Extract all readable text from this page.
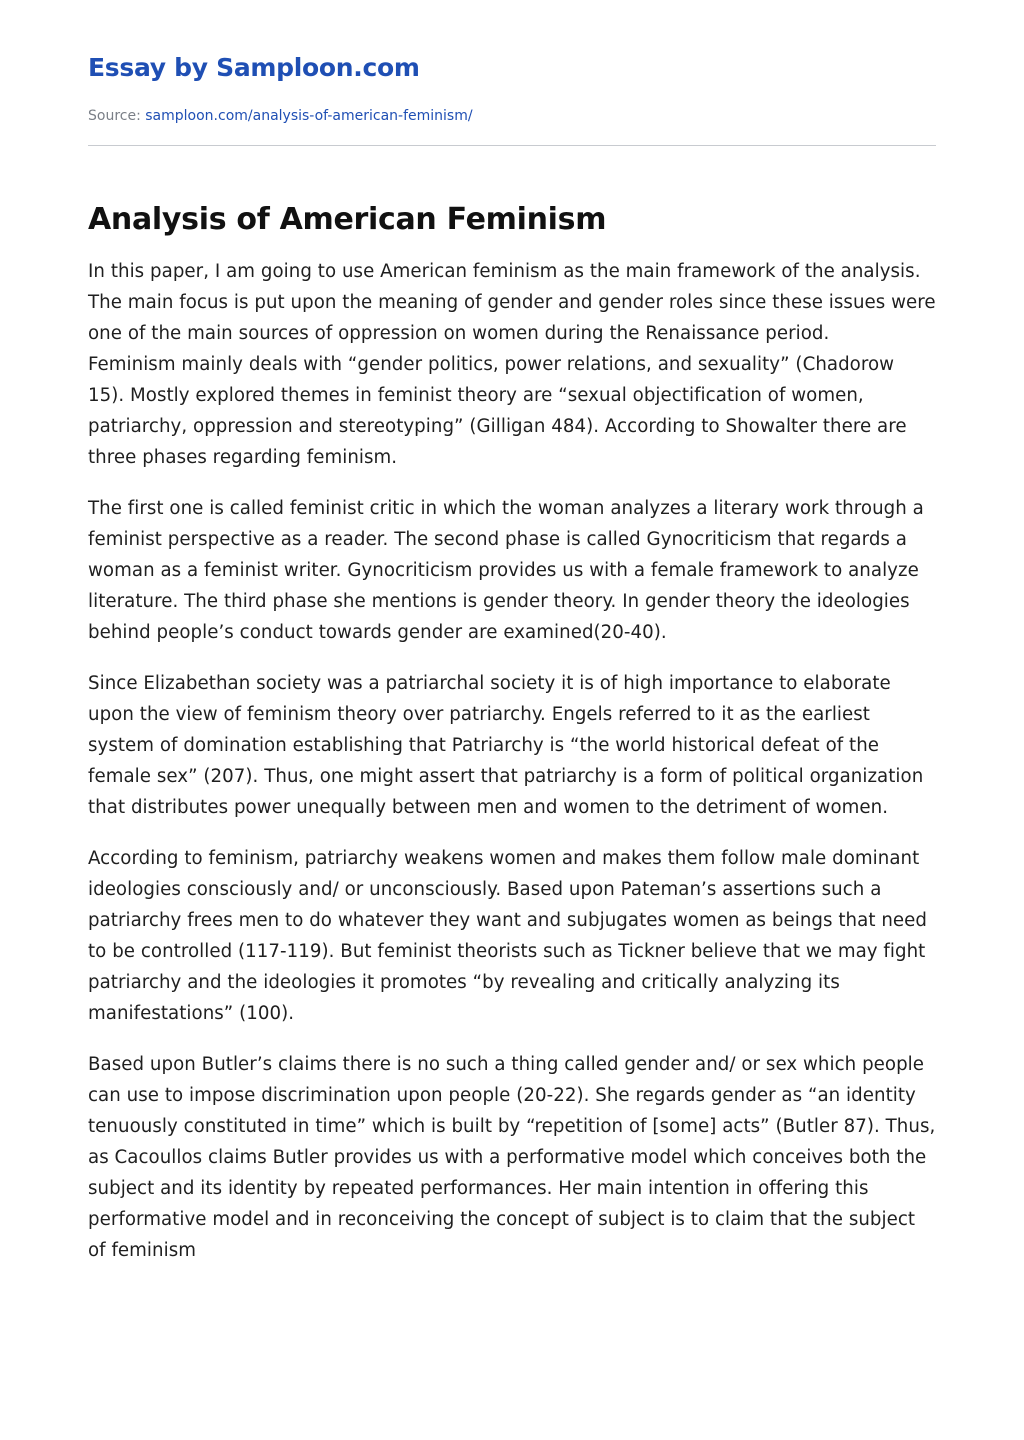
Essay by Samploon.com
Source: samploon.com/analysis-of-american-feminism/
Analysis of American Feminism

In this paper, I am going to use American feminism as the main framework of the analysis. The main focus is put upon the meaning of gender and gender roles since these issues were one of the main sources of oppression on women during the Renaissance period.

Feminism mainly deals with “gender politics, power relations, and sexuality” (Chadorow 15). Mostly explored themes in feminist theory are “sexual objectification of women, patriarchy, oppression and stereotyping” (Gilligan 484). According to Showalter there are three phases regarding feminism.

The first one is called feminist critic in which the woman analyzes a literary work through a feminist perspective as a reader. The second phase is called Gynocriticism that regards a woman as a feminist writer. Gynocriticism provides us with a female framework to analyze literature. The third phase she mentions is gender theory. In gender theory the ideologies behind people’s conduct towards gender are examined(20-40).

Since Elizabethan society was a patriarchal society it is of high importance to elaborate upon the view of feminism theory over patriarchy. Engels referred to it as the earliest system of domination establishing that Patriarchy is “the world historical defeat of the female sex” (207). Thus, one might assert that patriarchy is a form of political organization that distributes power unequally between men and women to the detriment of women.

According to feminism, patriarchy weakens women and makes them follow male dominant ideologies consciously and/ or unconsciously. Based upon Pateman’s assertions such a patriarchy frees men to do whatever they want and subjugates women as beings that need to be controlled (117-119). But feminist theorists such as Tickner believe that we may fight patriarchy and the ideologies it promotes “by revealing and critically analyzing its manifestations” (100).

Based upon Butler’s claims there is no such a thing called gender and/ or sex which people can use to impose discrimination upon people (20-22). She regards gender as “an identity tenuously constituted in time” which is built by “repetition of [some] acts” (Butler 87). Thus, as Cacoullos claims Butler provides us with a performative model which conceives both the subject and its identity by repeated performances. Her main intention in offering this performative model and in reconceiving the concept of subject is to claim that the subject of feminism
